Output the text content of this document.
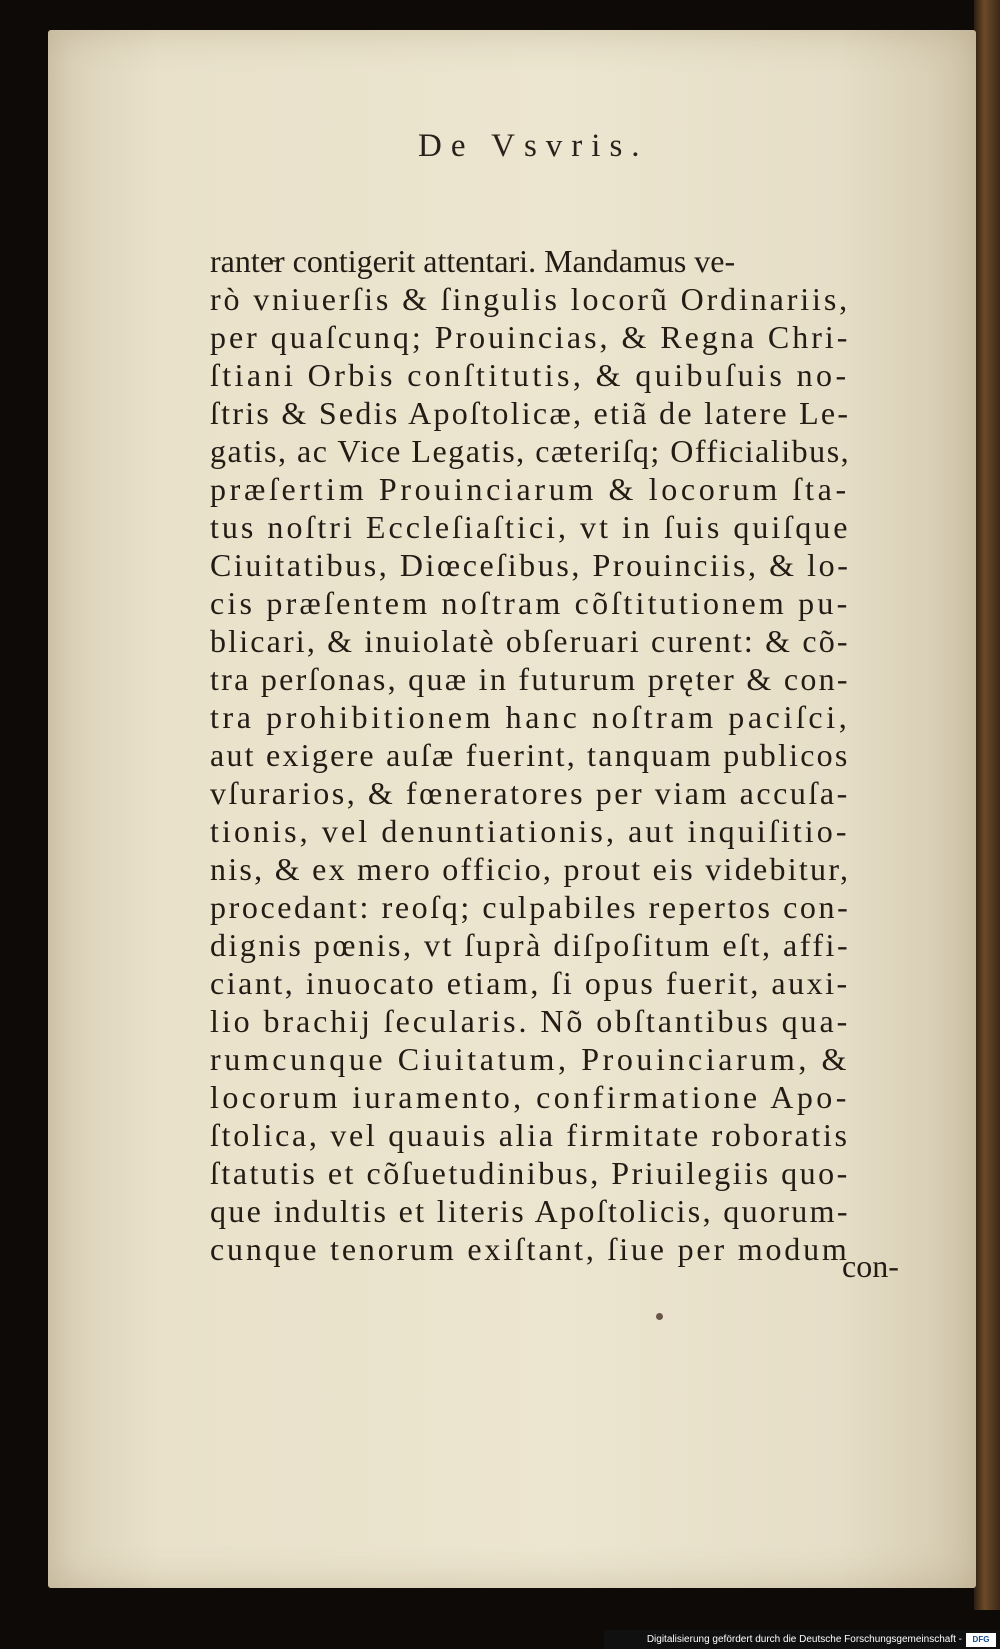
De Vsvris.
ranter contigerit attentari. Mandamus ve-
rò vniuerſis & ſingulis locorũ Ordinariis,
per quaſcunq; Prouincias, & Regna Chri-
ſtiani Orbis conſtitutis, & quibuſuis no-
ſtris & Sedis Apoſtolicæ, etiã de latere Le-
gatis, ac Vice Legatis, cæteriſq; Officialibus,
præſertim Prouinciarum & locorum ſta-
tus noſtri Eccleſiaſtici, vt in ſuis quiſque
Ciuitatibus, Diœceſibus, Prouinciis, & lo-
cis præſentem noſtram cõſtitutionem pu-
blicari, & inuiolatè obſeruari curent: & cõ-
tra perſonas, quæ in futurum pręter & con-
tra prohibitionem hanc noſtram paciſci,
aut exigere auſæ fuerint, tanquam publicos
vſurarios, & fœneratores per viam accuſa-
tionis, vel denuntiationis, aut inquiſitio-
nis, & ex mero officio, prout eis videbitur,
procedant: reoſq; culpabiles repertos con-
dignis pœnis, vt ſuprà diſpoſitum eſt, affi-
ciant, inuocato etiam, ſi opus fuerit, auxi-
lio brachij ſecularis. Nõ obſtantibus qua-
rumcunque Ciuitatum, Prouinciarum, &
locorum iuramento, confirmatione Apo-
ſtolica, vel quauis alia firmitate roboratis
ſtatutis et cõſuetudinibus, Priuilegiis quo-
que indultis et literis Apoſtolicis, quorum-
cunque tenorum exiſtant, ſiue per modum
con-
Digitalisierung gefördert durch die Deutsche Forschungsgemeinschaft -	DFG
